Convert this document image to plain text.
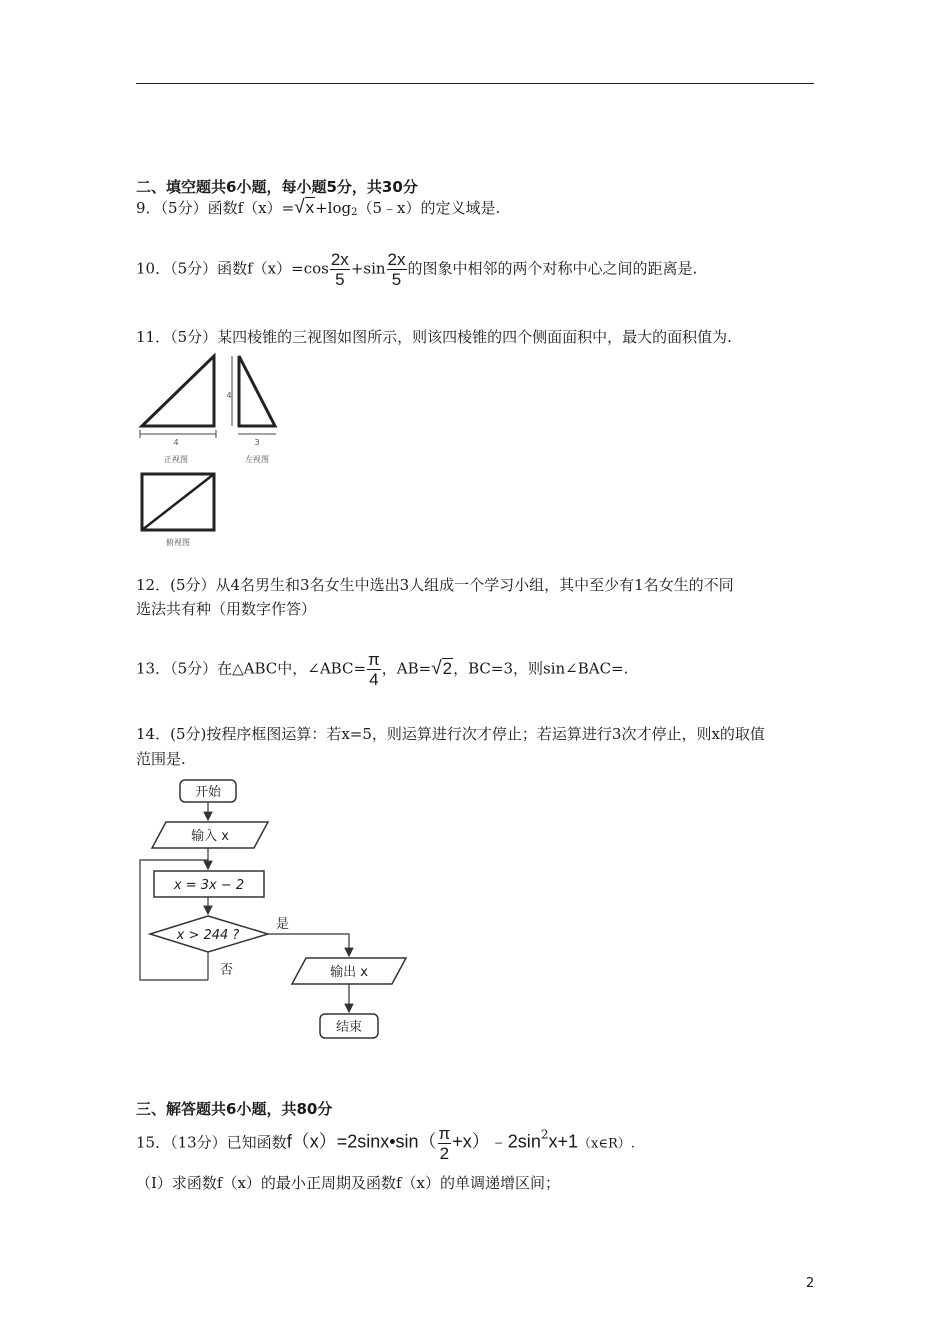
二、填空题共6小题，每小题5分，共30分
9．（5分）函数$f(x)=√x+\log_2(5﹣x)$的定义域是.
10．（5分）函数$f(x)=\cos \frac{2x}{5} +\sin \frac{2x}{5}$ 的图象中相邻的两个对称中心之间的距离是.
11．（5分）某四棱锥的三视图如图所示，则该四棱锥的四个侧面面积中，最大的面积值为.
4
正视图
4
3
左视图
俯视图
12．(5分）从4名男生和3名女生中选出3人组成一个学习小组，其中至少有1名女生的不同
选法共有种（用数字作答）
13．（5分）在△ABC中，∠ABC= $\frac{\pi}{4}$ ，AB=√2，BC=3，则sin∠BAC=.
14．(5分)按程序框图运算：若x=5，则运算进行次才停止；若运算进行3次才停止，则x的取值
范围是.
开始
输入 x
x = 3x − 2
x > 244 ?
否
是
输出 x
结束
三、解答题共6小题，共80分
15．（13分）已知函数f（x）=2sinx•sin（ $\frac{\pi}{2}$ $+x)﹣2\sin^2x+1(x\in R)$.
（Ⅰ）求函数f（x）的最小正周期及函数f（x）的单调递增区间；
2
